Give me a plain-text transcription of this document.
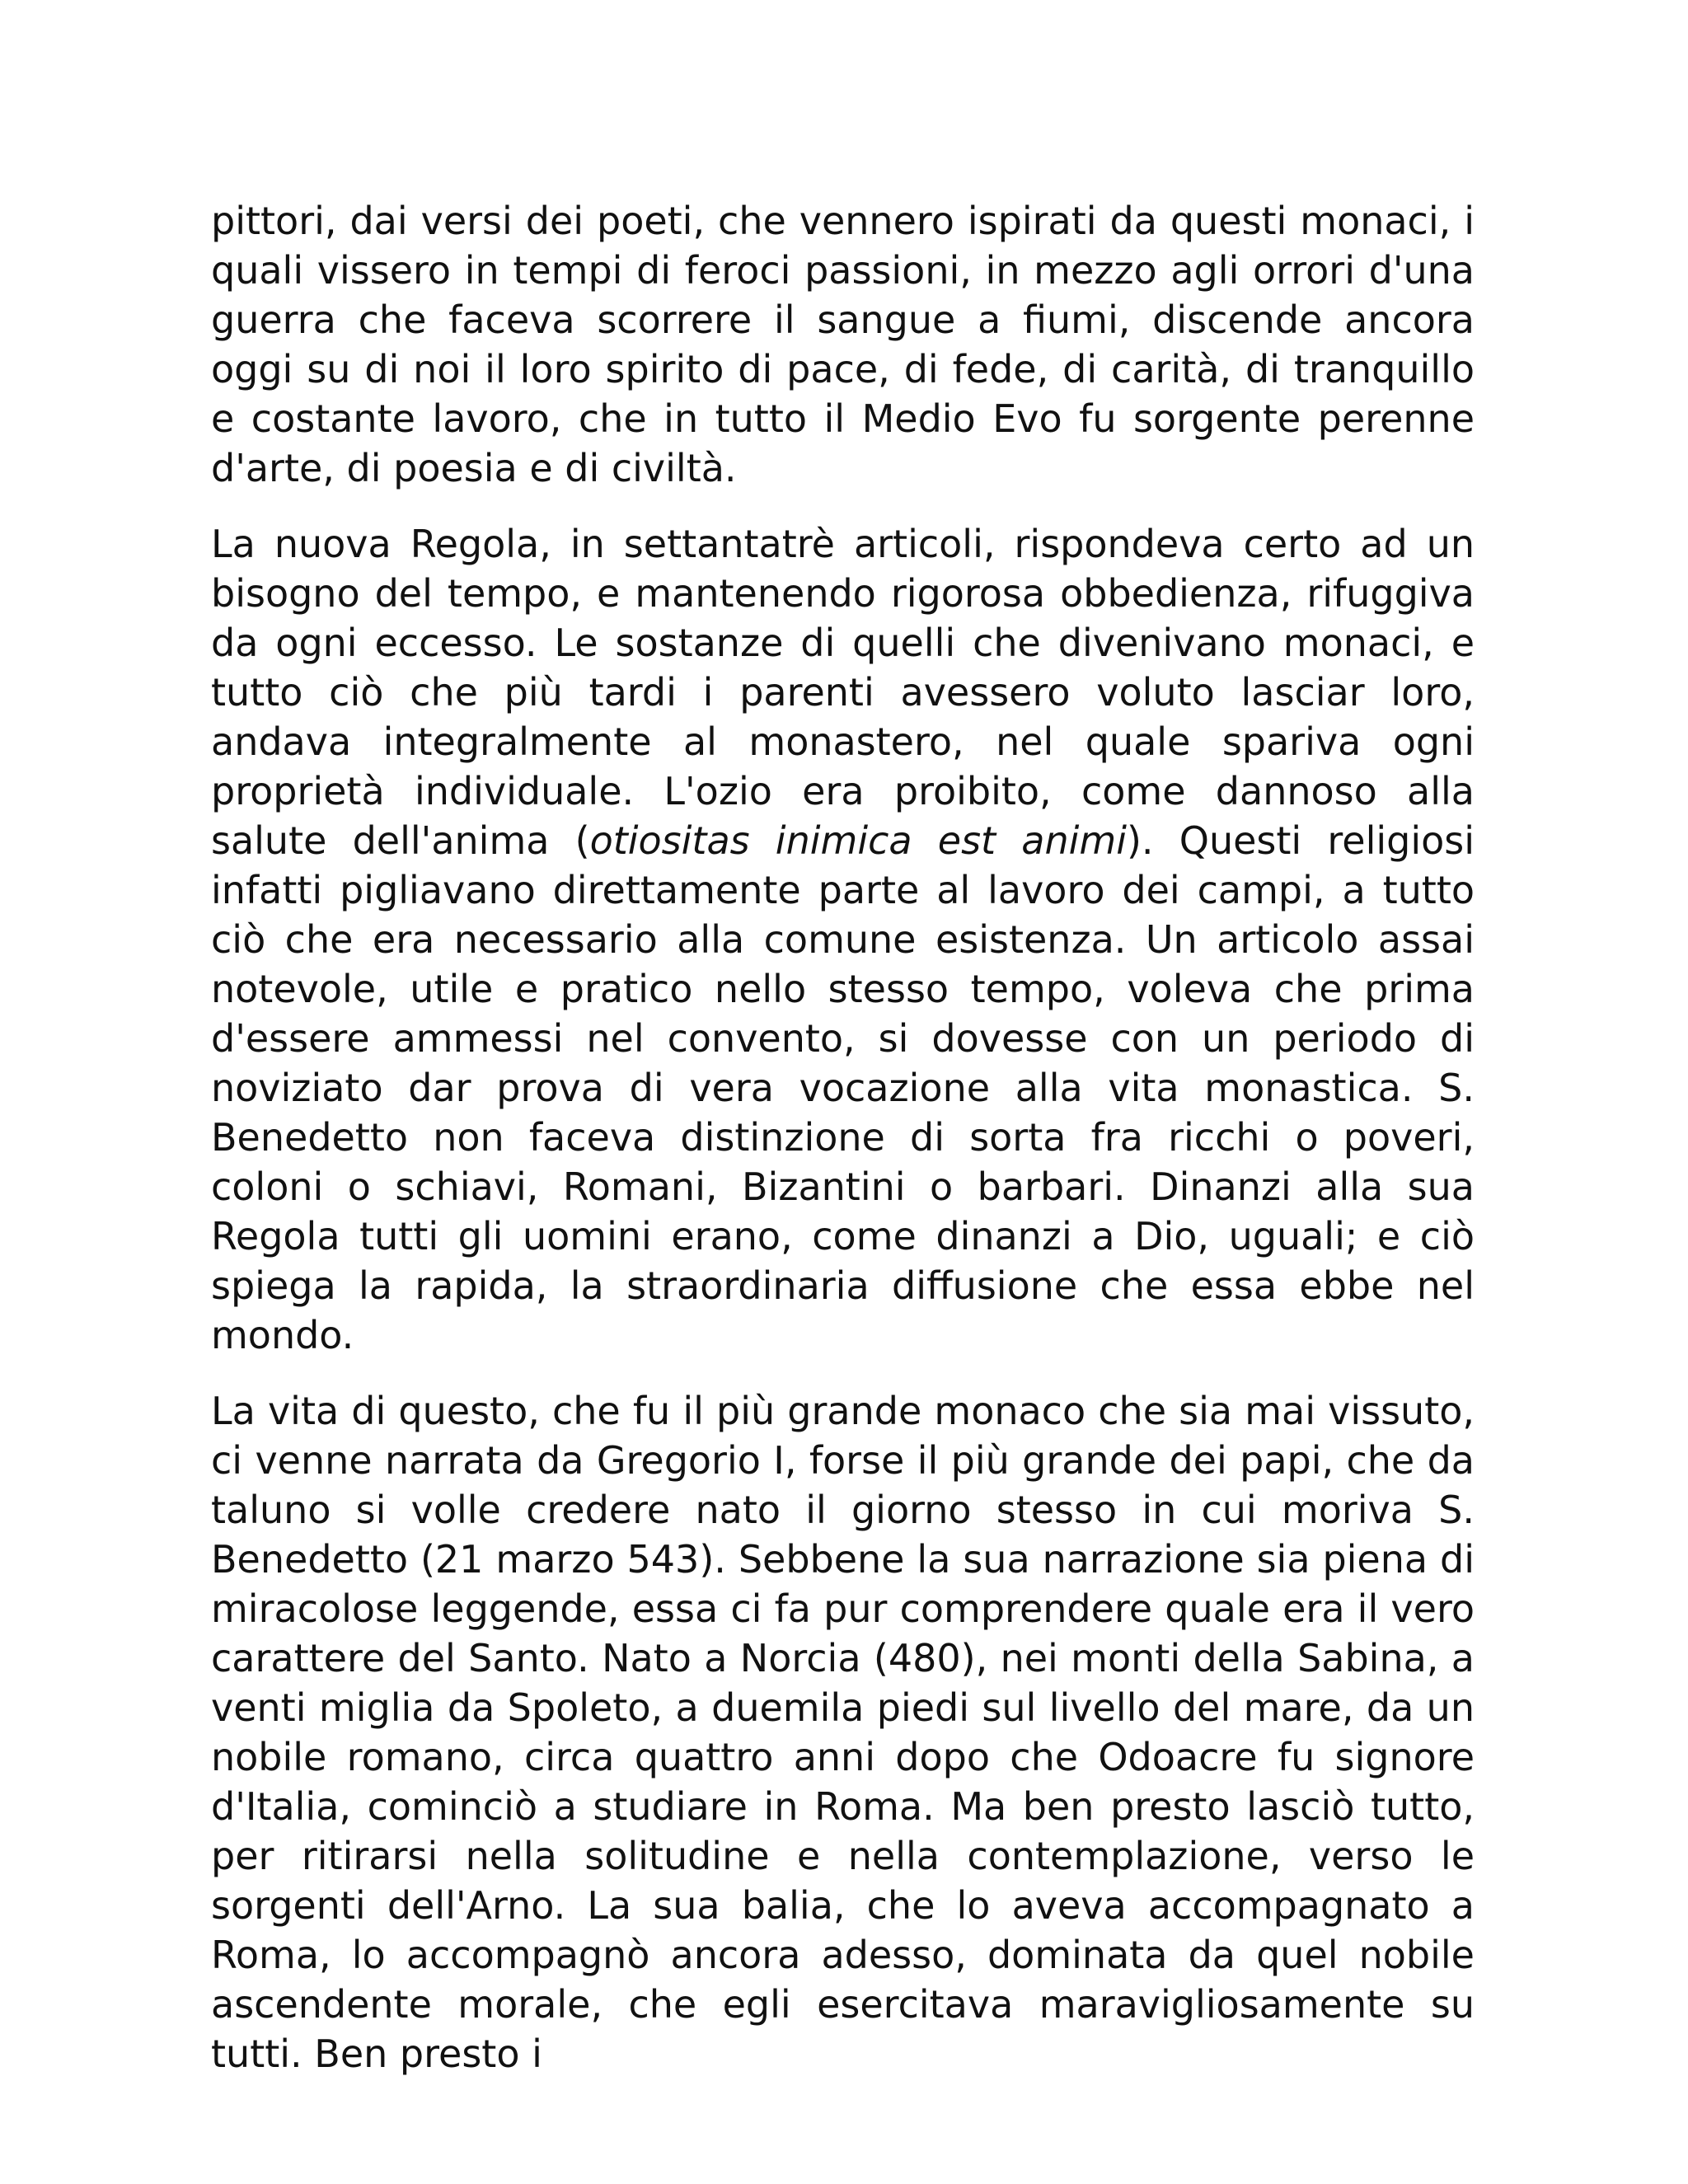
pittori, dai versi dei poeti, che vennero ispirati da questi monaci, i quali vissero in tempi di feroci passioni, in mezzo agli orrori d'una guerra che faceva scorrere il sangue a fiumi, discende ancora oggi su di noi il loro spirito di pace, di fede, di carità, di tranquillo e costante lavoro, che in tutto il Medio Evo fu sorgente perenne d'arte, di poesia e di civiltà.

La nuova Regola, in settantatrè articoli, rispondeva certo ad un bisogno del tempo, e mantenendo rigorosa obbedienza, rifuggiva da ogni eccesso. Le sostanze di quelli che divenivano monaci, e tutto ciò che più tardi i parenti avessero voluto lasciar loro, andava integralmente al monastero, nel quale spariva ogni proprietà individuale. L'ozio era proibito, come dannoso alla salute dell'anima (otiositas inimica est animi). Questi religiosi infatti pigliavano direttamente parte al lavoro dei campi, a tutto ciò che era necessario alla comune esistenza. Un articolo assai notevole, utile e pratico nello stesso tempo, voleva che prima d'essere ammessi nel convento, si dovesse con un periodo di noviziato dar prova di vera vocazione alla vita monastica. S. Benedetto non faceva distinzione di sorta fra ricchi o poveri, coloni o schiavi, Romani, Bizantini o barbari. Dinanzi alla sua Regola tutti gli uomini erano, come dinanzi a Dio, uguali; e ciò spiega la rapida, la straordinaria diffusione che essa ebbe nel mondo.

La vita di questo, che fu il più grande monaco che sia mai vissuto, ci venne narrata da Gregorio I, forse il più grande dei papi, che da taluno si volle credere nato il giorno stesso in cui moriva S. Benedetto (21 marzo 543). Sebbene la sua narrazione sia piena di miracolose leggende, essa ci fa pur comprendere quale era il vero carattere del Santo. Nato a Norcia (480), nei monti della Sabina, a venti miglia da Spoleto, a duemila piedi sul livello del mare, da un nobile romano, circa quattro anni dopo che Odoacre fu signore d'Italia, cominciò a studiare in Roma. Ma ben presto lasciò tutto, per ritirarsi nella solitudine e nella contemplazione, verso le sorgenti dell'Arno. La sua balia, che lo aveva accompagnato a Roma, lo accompagnò ancora adesso, dominata da quel nobile ascendente morale, che egli esercitava maravigliosamente su tutti. Ben presto i
